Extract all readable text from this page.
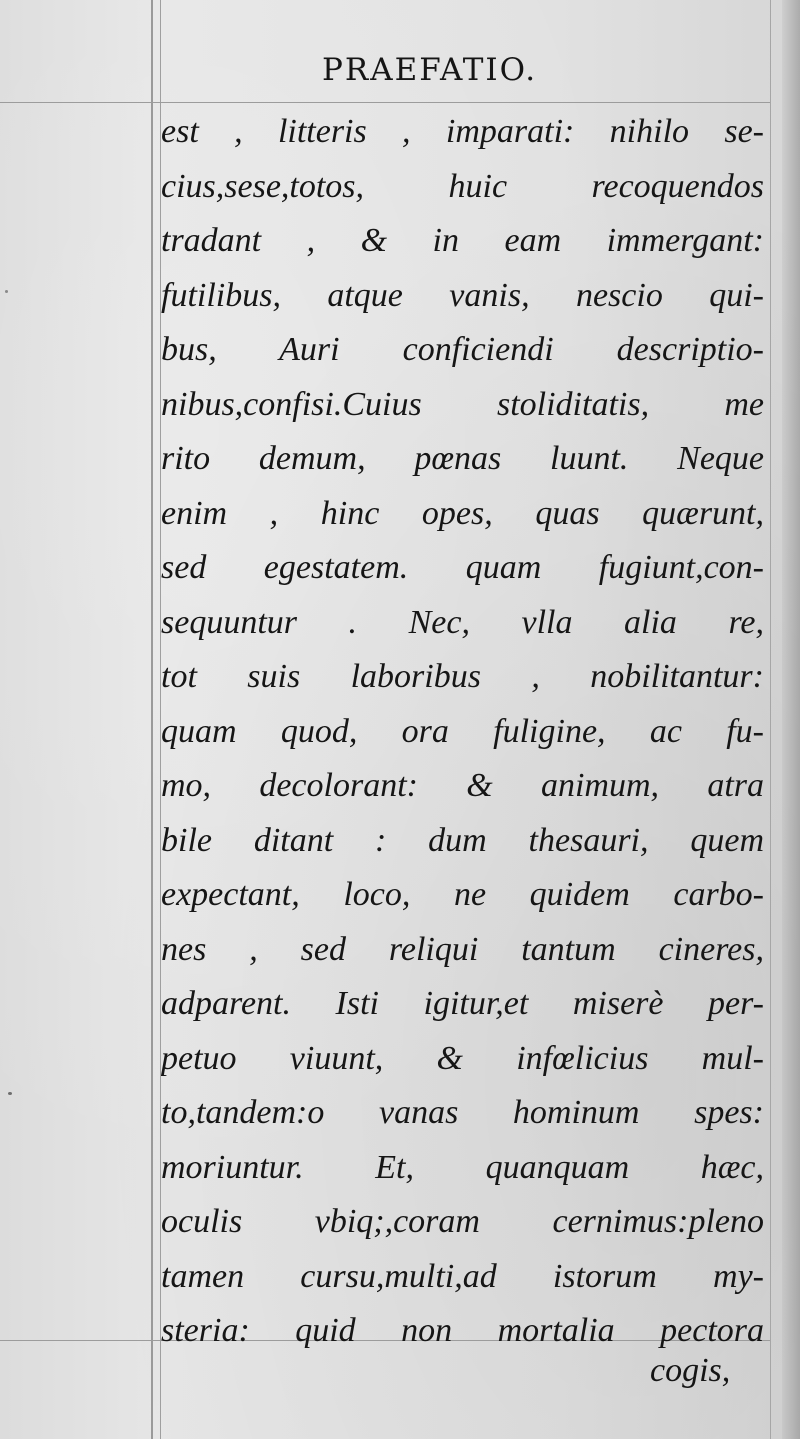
PRAEFATIO.
est , litteris , imparati: nihilo se-
cius,sese,totos, huic recoquendos
tradant , & in eam immergant:
futilibus, atque vanis, nescio qui-
bus, Auri conficiendi descriptio-
nibus,confisi.Cuius stoliditatis, me
rito demum, pœnas luunt. Neque
enim , hinc opes, quas quærunt,
sed egestatem. quam fugiunt,con-
sequuntur . Nec, vlla alia re,
tot suis laboribus , nobilitantur:
quam quod, ora fuligine, ac fu-
mo, decolorant: & animum, atra
bile ditant : dum thesauri, quem
expectant, loco, ne quidem carbo-
nes , sed reliqui tantum cineres,
adparent. Isti igitur,et miserè per-
petuo viuunt, & infœlicius mul-
to,tandem:o vanas hominum spes:
moriuntur. Et, quanquam hæc,
oculis vbiq;,coram cernimus:pleno
tamen cursu,multi,ad istorum my-
steria: quid non mortalia pectora
cogis,
